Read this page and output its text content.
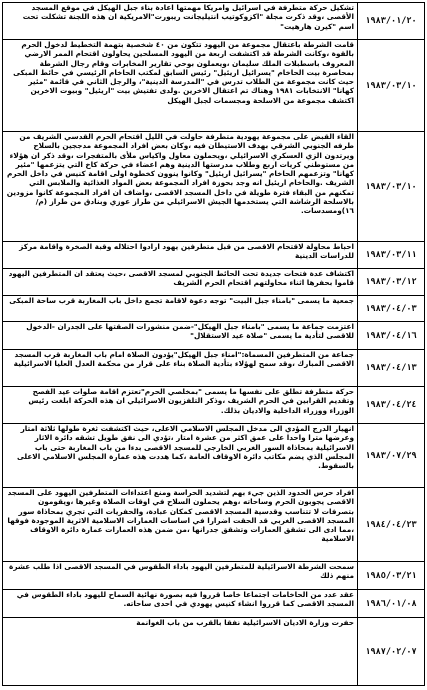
تشكيل حركة متطرفة في اسرائيل وامريكا مهمتها اعادة بناء جبل الهيكل في موقع المسجد الأقصى ،وقد ذكرت مجلة "اكزوكوتيب انتيليجانت ريبورت"الامريكية ان هذه اللجنة تشكلت تحت اسم "كيرن هارهيت"
١٩٨٣/٠١/٢٠
قامت الشرطة باعتقال مجموعة من اليهود تتكون من ٤٠ شخصية بتهمة التخطيط لدخول الحرم بالقوة ،وكانت الشرطة قد اكتشفت اربعة من اليهود المسلحين يحاولون اقتحام الممر الارضي المعروف باسطبلات الملك سليمان ،ويعملون بوحي تقارير المخابرات وقام رجال الشرطة بمحاصرة بيت الحاخام "يسرائيل اريئيل" رئيس السابق لمكتب الحاخام الرئيسي في حائط المبكى حيث كانت مجموعة من الطلاب تدرس في "المدرسة الدينية"، والرجل الثاني في قائمة "مئير كهانا" الانتخابات ١٩٨١ وهناك تم اعتقال الاخرين .ولدى تفتيش بيت "اريئيل" وبيوت الاخرين اكتشف مجموعة من الاسلحة ومجسمات لجبل الهيكل
١٩٨٣/٠٣/١٠
القاء القبض على مجموعة يهودية متطرفة حاولت في الليل اقتحام الحرم القدسي الشريف من طرفه الجنوبي الشرقي بهدف الاستيطان فيه ،وكان بعض افراد المجموعة مدججين بالسلاح ويرتدون الزي العسكري الاسرائيلي ،ويحملون معاول واكياس ملأى بالمتفجرات ،وقد ذكر ان هؤلاء من مستوطني كريات اربع وطلاب مدرستها الدينية وهم اعضاء في حركة كاخ التي يتزعمها "مئير كهانا" وتزعمهم الحاخام "يسرائيل اريئيل" وكانوا ينوون كخطوة اولى اقامة كنيس في داخل الحرم الشريف .والحاخام اريئيل انه وجد بحوزة افراد المجموعة بعض المواد الغذائية والملابس التي تمكنهم من البقاء فترة طويلة في داخل المسجد الاقصى ،واضاف ان افراد المجموعة كانوا مزودين بالاسلحة الرشاشة التي يستخدمها الجيش الاسرائيلي من طراز عوزي وبنادق من طراز (م/١٦)ومسدسات.
١٩٨٣/٠٣/١٠
احباط محاولة لاقتحام الاقصى من قبل متطرفين يهود ارادوا احتلاله وقبة الصخرة واقامة مركز للدراسات الدينية	١٩٨٣/٠٣/١١
اكتشاف عدة فتحات جديدة تحت الحائط الجنوبي لمسجد الاقصى ،حيث يعتقد ان المتطرفين اليهود قاموا بحفرها اثناء محاولتهم اقتحام الحرم الشريف	١٩٨٣/٠٣/١٢
جمعية ما يسمى "بامناء جبل البيت" توجه دعوة لاقامة تجمع داخل باب المغاربة قرب ساحة المبكى
١٩٨٣/٠٤/٠٣
اعتزمت جماعة ما يسمى "بامناء جبل الهيكل"-ضمن منشورات الصقتها على الجدران -الدخول للاقصى لتأدية ما يسمى "صلاة عيد الاستقلال"	١٩٨٣/٠٤/١٦
جماعة من المتطرفين المسماة:"امناء جبل الهيكل"يؤدون الصلاة امام باب المغاربة قرب المسجد الاقصى المبارك ،وقد سمح لهؤلاء بتأدية الصلاة بناء على قرار من محكمة العدل العليا الاسرائيلية	١٩٨٣/٠٤/١٣
حركة متطرفة تطلق على نفسها ما يسمى "بمخلصي الحرم"تعتزم اقامة صلوات عيد الفصح وتقديم القرابين في الحرم الشريف ،وذكر التلفزيون الاسرائيلي ان هذه الحركة ابلغت رئيس الوزراء ووزراء الداخلية والاديان بذلك.
١٩٨٣/٠٤/٢٤
انهيار الدرج المؤدي الى مدخل المجلس الاسلامي الاعلى، حيث اكتشفت ثغرة طولها ثلاثة امتار وعرضها مترا واحدا على عمق اكثر من عشرة امتار ،تؤدي الى نفق طويل تشقه دائرة الاثار الاسرائيلية بمحاذاة السور الغربي الخارجي للمسجد الاقصى بدءا من باب المغاربة حتى باب المجلس الذي يضم مكاتب دائرة الاوقاف العامة ،كما هددت هذه عمارة المجلس الاسلامي الاعلى بالسقوط.
١٩٨٣/٠٧/٢٩
افراد حرس الحدود الذين جيء بهم لتشديد الحراسة ومنع اعتداءات المتطرفين اليهود على المسجد الاقصى يجوبون الحرم وساحاته ،وهم يحملون السلاح في اوقات الصلاة وغيرها ،ويقومون بتصرفات لا تتناسب وقدسية المسجد الاقصى كمكان عبادة، والحفريات التي تجري بمحاذاة سور المسجد الاقصى الغربي قد الحقت اضرارا في اساسات العمارات الاسلامية الاثرية الموجودة فوقها ،مما ادى الى تشقق العمارات وتشقق جدرانها ،من ضمن هذه العمارات عمارة دائرة الاوقاف الاسلامية
١٩٨٤/٠٤/٢٣
سمحت الشرطة الاسرائيلية للمتطرفين اليهود باداء الطقوس في المسجد الاقصى اذا طلب عشرة منهم ذلك	١٩٨٥/٠٣/٢١
عقد عدد من الحاخامات اجتماعا خاصا قرروا فيه بصورة نهائية السماح لليهود باداء الطقوس في المسجد الاقصى كما قرروا انشاء كنيس يهودي في احدى ساحاته.	١٩٨٦/٠١/٠٨
حفرت وزارة الاديان الاسرائيلية نفقا بالقرب من باب الغوانمة
١٩٨٧/٠٢/٠٧
